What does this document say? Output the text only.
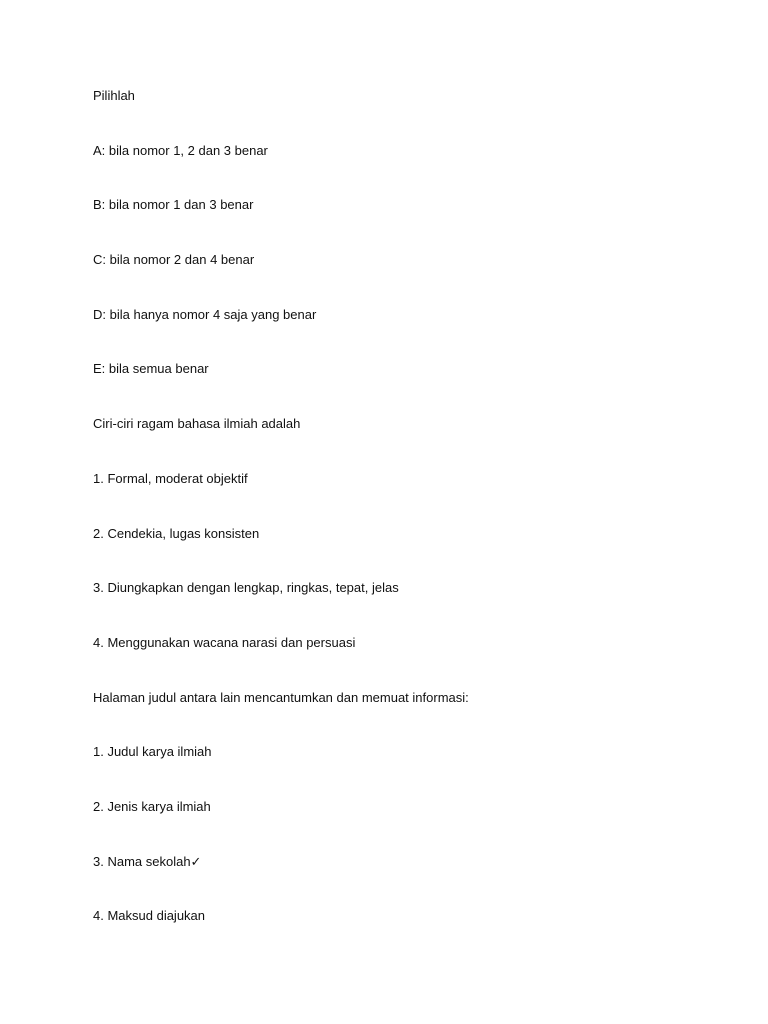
Pilihlah
A: bila nomor 1, 2 dan 3 benar
B: bila nomor 1 dan 3 benar
C: bila nomor 2 dan 4 benar
D: bila hanya nomor 4 saja yang benar
E: bila semua benar
Ciri-ciri ragam bahasa ilmiah adalah
1. Formal, moderat objektif
2. Cendekia, lugas konsisten
3. Diungkapkan dengan lengkap, ringkas, tepat, jelas
4. Menggunakan wacana narasi dan persuasi
Halaman judul antara lain mencantumkan dan memuat informasi:
1. Judul karya ilmiah
2. Jenis karya ilmiah
3. Nama sekolah✓
4. Maksud diajukan
